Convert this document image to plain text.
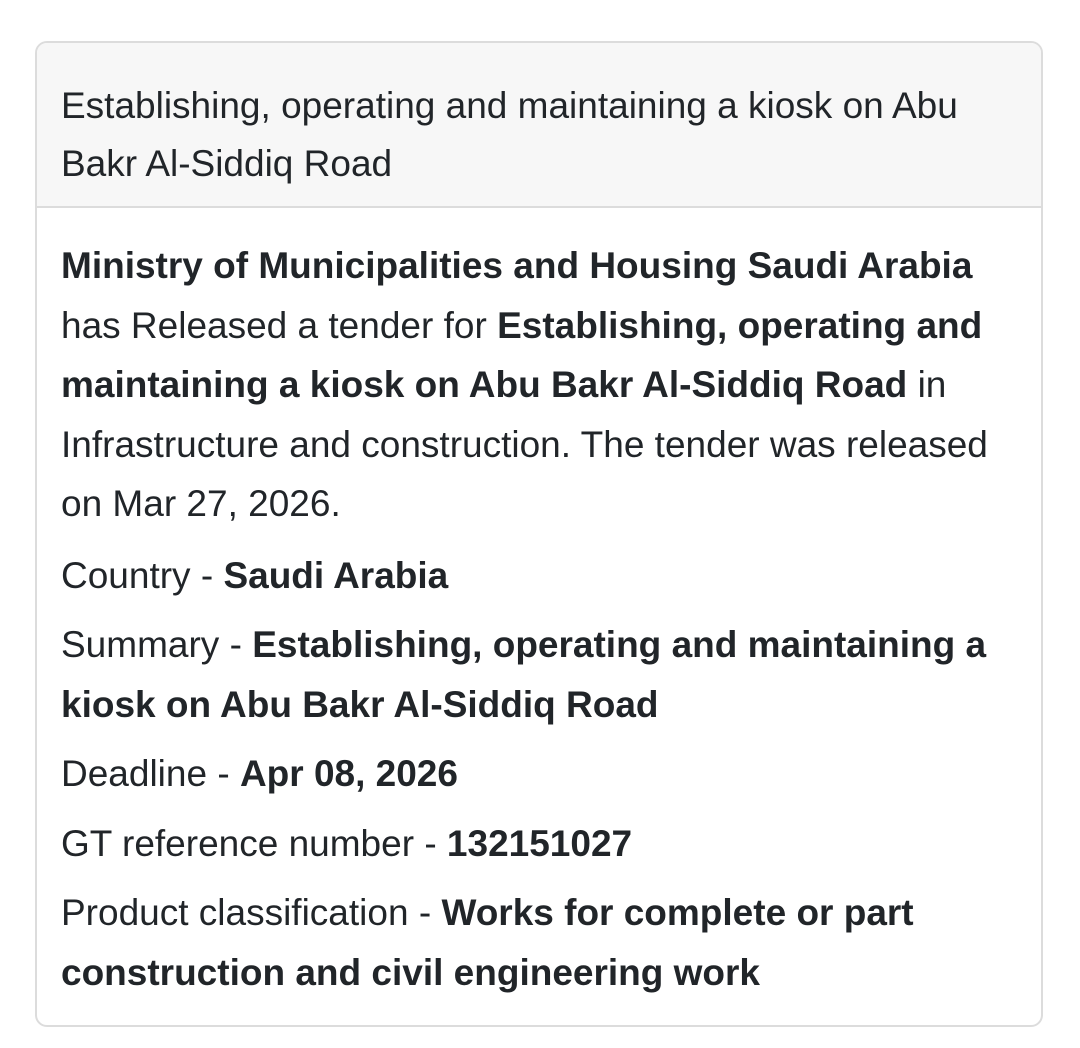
Establishing, operating and maintaining a kiosk on Abu Bakr Al-Siddiq Road

Ministry of Municipalities and Housing Saudi Arabia has Released a tender for Establishing, operating and maintaining a kiosk on Abu Bakr Al-Siddiq Road in Infrastructure and construction. The tender was released on Mar 27, 2026.

Country - Saudi Arabia

Summary - Establishing, operating and maintaining a kiosk on Abu Bakr Al-Siddiq Road

Deadline - Apr 08, 2026

GT reference number - 132151027

Product classification - Works for complete or part construction and civil engineering work
